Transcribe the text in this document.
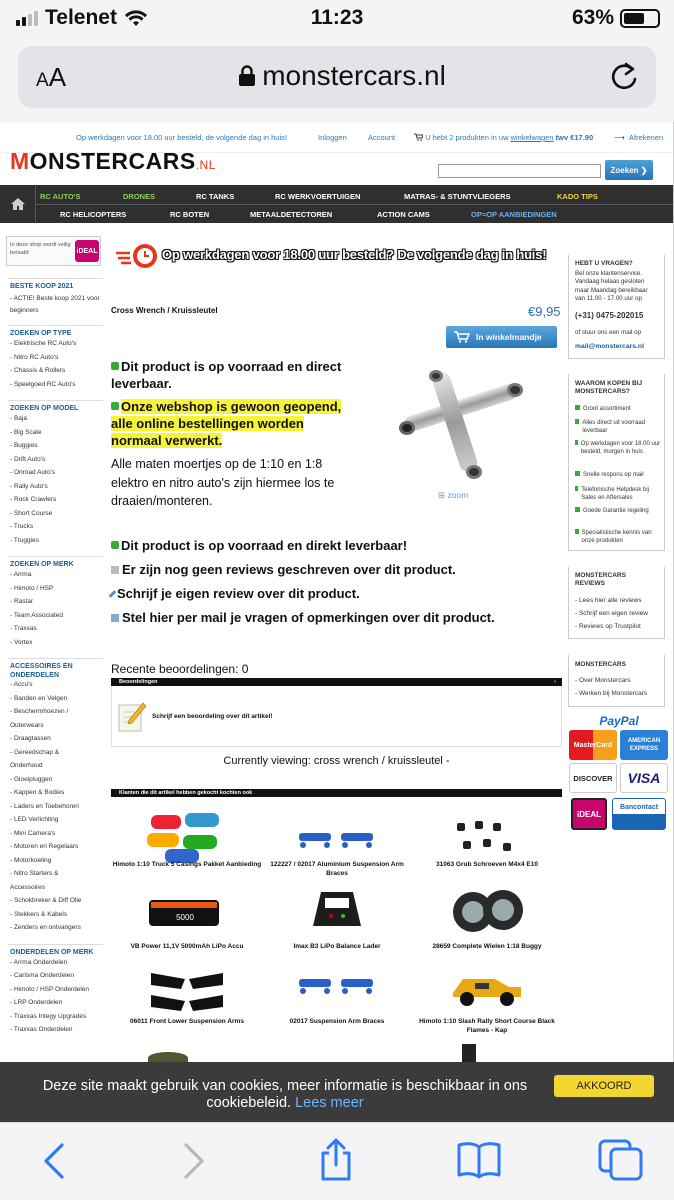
Telenet	11:23	63%
AA	monstercars.nl
Op werkdagen voor 18.00 uur besteld, de volgende dag in huis!	Inloggen	Account	U hebt 2 produkten in uw winkelwagen twv €17.90	⟶ Afrekenen
MONSTERCARS.NL	Zoeken
❯
RC AUTO'S	DRONES	RC TANKS	RC WERKVOERTUIGEN	MATRAS- & STUNTVLIEGERS	KADO TIPS
RC HELICOPTERS	RC BOTEN	METAALDETECTOREN	ACTION CAMS	OP=OP AANBIEDINGEN
In deze shop wordt veilig betaald:	iDEAL
BESTE KOOP 2021
- ACTIE! Beste koop 2021 voor beginners
ZOEKEN OP TYPE
- Elektrische RC Auto's
- Nitro RC Auto's
- Chassis & Rollers
- Speelgoed RC Auto's
ZOEKEN OP MODEL
- Baja
- Big Scale
- Buggies
- Drift Auto's
- Onroad Auto's
- Rally Auto's
- Rock Crawlers
- Short Course
- Trucks
- Truggies
ZOEKEN OP MERK
- Arrma
- Himoto / HSP
- Rastar
- Team Associated
- Traxxas
- Vortex
ACCESSOIRES EN ONDERDELEN
- Accu's
- Banden en Velgen
- Beschermhoezen /
Outerwears
- Draagtassen
- Gereedschap &
Onderhoud
- Gloeipluggen
- Kappen & Bodies
- Laders en Toebehoren
- LED Verlichting
- Mini Camera's
- Motoren en Regelaars
- Motorkoeling
- Nitro Starters &
Accessoires
- Schokbreker & Diff Olie
- Stekkers & Kabels
- Zenders en ontvangers
ONDERDELEN OP MERK
- Arrma Onderdelen
- Carisma Onderdelen
- Himoto / HSP Onderdelen
- LRP Onderdelen
- Traxxas Integy Upgrades
- Traxxas Onderdelen
Op werkdagen voor 18.00 uur besteld? De volgende dag in huis!
Cross Wrench / Kruissleutel	€9,95
In winkelmandje
Dit product is op voorraad en direct
leverbaar.
Onze webshop is gewoon geopend,
alle online bestellingen worden
normaal verwerkt.
Alle maten moertjes op de 1:10 en 1:8 elektro en nitro auto's zijn hiermee los te draaien/monteren.	⊞ zoom
Dit product is op voorraad en direkt leverbaar!
Er zijn nog geen reviews geschreven over dit product.
Schrijf je eigen review over dit product.
Stel hier per mail je vragen of opmerkingen over dit product.
Recente beoordelingen: 0
Beoordelingen	›
Schrijf een beoordeling over dit artikel!
Currently viewing: cross wrench / kruissleutel -
Klanten die dit artikel hebben gekocht kochten ook
Himoto 1:10 Truck 5 Casings Pakket Aanbieding	122227 / 02017 Aluminium Suspension Arm Braces
31063 Grub Schroeven M4x4 E10
5000
VB Power 11,1V 5000mAh LiPo Accu	Imax B3 LiPo Balance Lader	28659 Complete Wielen 1:18 Buggy
06011 Front Lower Suspension Arms	02017 Suspension Arm Braces	Himoto 1:10 Slash Rally Short Course Black Flames - Kap
HEBT U VRAGEN?
Bel onze klantenservice.
Vandaag helaas gesloten
maar Maandag bereikbaar
van 11.00 - 17.00 uur op
(+31) 0475-202015
of stuur ons een mail op
mail@monstercars.nl
WAAROM KOPEN BIJ MONSTERCARS?
Groot assortiment
Alles direct uit voorraad leverbaar
Op werkdagen voor 18.00 uur besteld, morgen in huis
Snelle respons op mail
Telefonische Helpdesk bij Sales en Aftersales
Goede Garantie regeling
Specialistische kennis van onze produkten
MONSTERCARS REVIEWS
- Lees hier alle reviews
- Schrijf een eigen review
- Reviews op Trustpilot
MONSTERCARS
- Over Monstercars
- Werken bij Monstercars
PayPal
MasterCard
AMERICAN EXPRESS
DISCOVER	VISA
iDEAL
Bancontact Mister Cash
Deze site maakt gebruik van cookies, meer informatie is beschikbaar in ons cookiebeleid. Lees meer
AKKOORD
